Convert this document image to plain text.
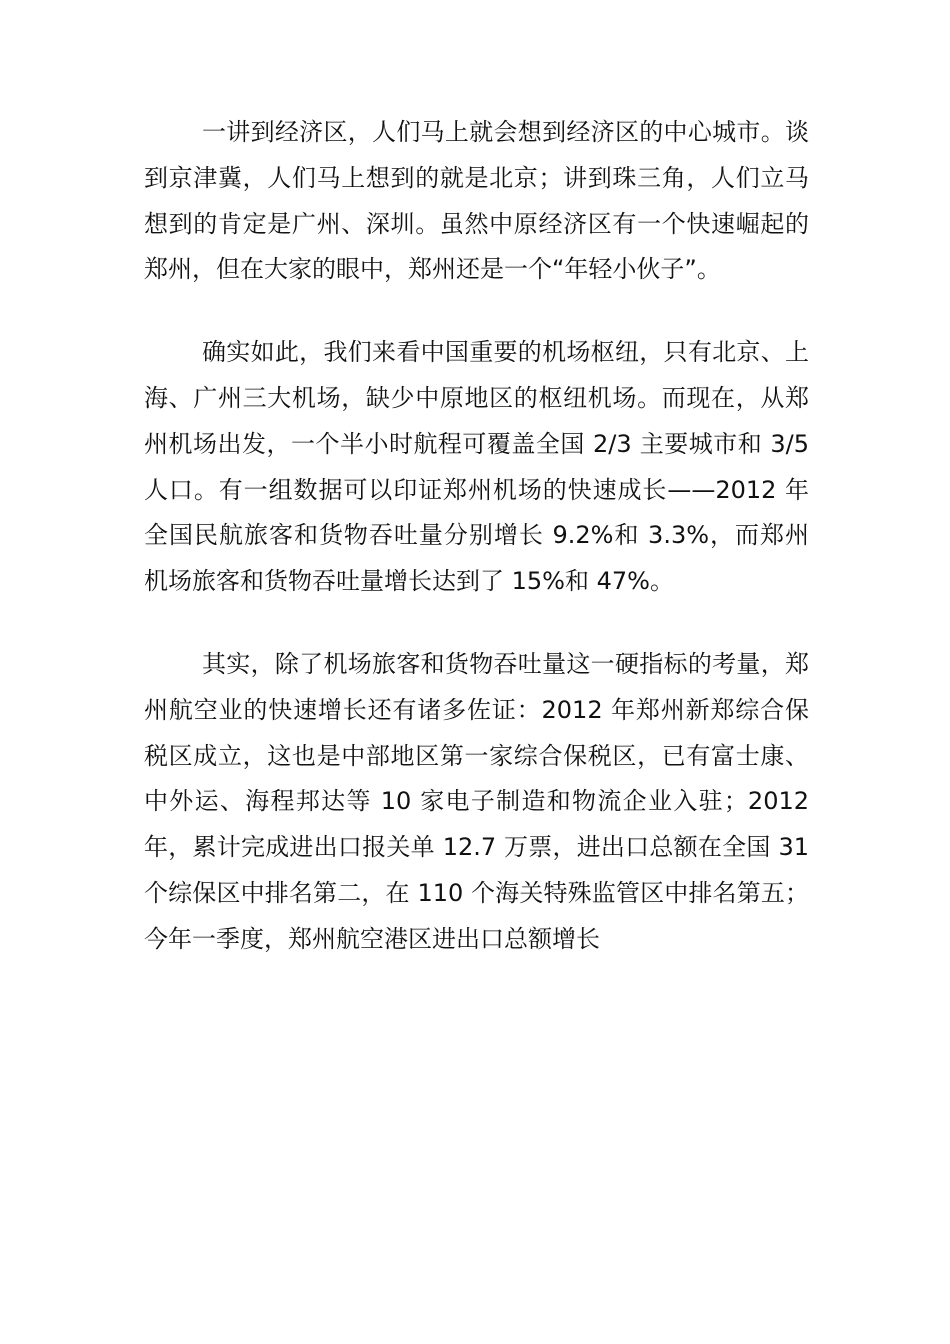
一讲到经济区，人们马上就会想到经济区的中心城市。谈到京津冀，人们马上想到的就是北京；讲到珠三角，人们立马想到的肯定是广州、深圳。虽然中原经济区有一个快速崛起的郑州，但在大家的眼中，郑州还是一个“年轻小伙子”。

确实如此，我们来看中国重要的机场枢纽，只有北京、上海、广州三大机场，缺少中原地区的枢纽机场。而现在，从郑州机场出发，一个半小时航程可覆盖全国 2/3 主要城市和 3/5 人口。有一组数据可以印证郑州机场的快速成长——2012 年全国民航旅客和货物吞吐量分别增长 9.2%和 3.3%，而郑州机场旅客和货物吞吐量增长达到了 15%和 47%。

其实，除了机场旅客和货物吞吐量这一硬指标的考量，郑州航空业的快速增长还有诸多佐证：2012 年郑州新郑综合保税区成立，这也是中部地区第一家综合保税区，已有富士康、中外运、海程邦达等 10 家电子制造和物流企业入驻；2012 年，累计完成进出口报关单 12.7 万票，进出口总额在全国 31 个综保区中排名第二，在 110 个海关特殊监管区中排名第五；今年一季度，郑州航空港区进出口总额增长
